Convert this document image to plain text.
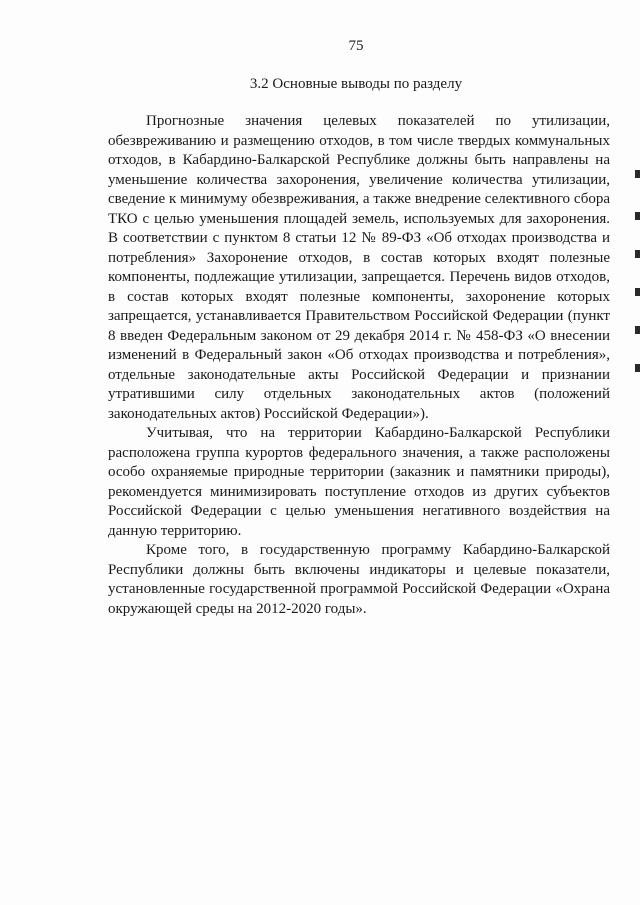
75
3.2 Основные выводы по разделу

Прогнозные значения целевых показателей по утилизации, обезвреживанию и размещению отходов, в том числе твердых коммунальных отходов, в Кабардино-Балкарской Республике должны быть направлены на уменьшение количества захоронения, увеличение количества утилизации, сведение к минимуму обезвреживания, а также внедрение селективного сбора ТКО с целью уменьшения площадей земель, используемых для захоронения. В соответствии с пунктом 8 статьи 12 № 89-ФЗ «Об отходах производства и потребления» Захоронение отходов, в состав которых входят полезные компоненты, подлежащие утилизации, запрещается. Перечень видов отходов, в состав которых входят полезные компоненты, захоронение которых запрещается, устанавливается Правительством Российской Федерации (пункт 8 введен Федеральным законом от 29 декабря 2014 г. № 458-ФЗ «О внесении изменений в Федеральный закон «Об отходах производства и потребления», отдельные законодательные акты Российской Федерации и признании утратившими силу отдельных законодательных актов (положений законодательных актов) Российской Федерации»).

Учитывая, что на территории Кабардино-Балкарской Республики расположена группа курортов федерального значения, а также расположены особо охраняемые природные территории (заказник и памятники природы), рекомендуется минимизировать поступление отходов из других субъектов Российской Федерации с целью уменьшения негативного воздействия на данную территорию.

Кроме того, в государственную программу Кабардино-Балкарской Республики должны быть включены индикаторы и целевые показатели, установленные государственной программой Российской Федерации «Охрана окружающей среды на 2012-2020 годы».
